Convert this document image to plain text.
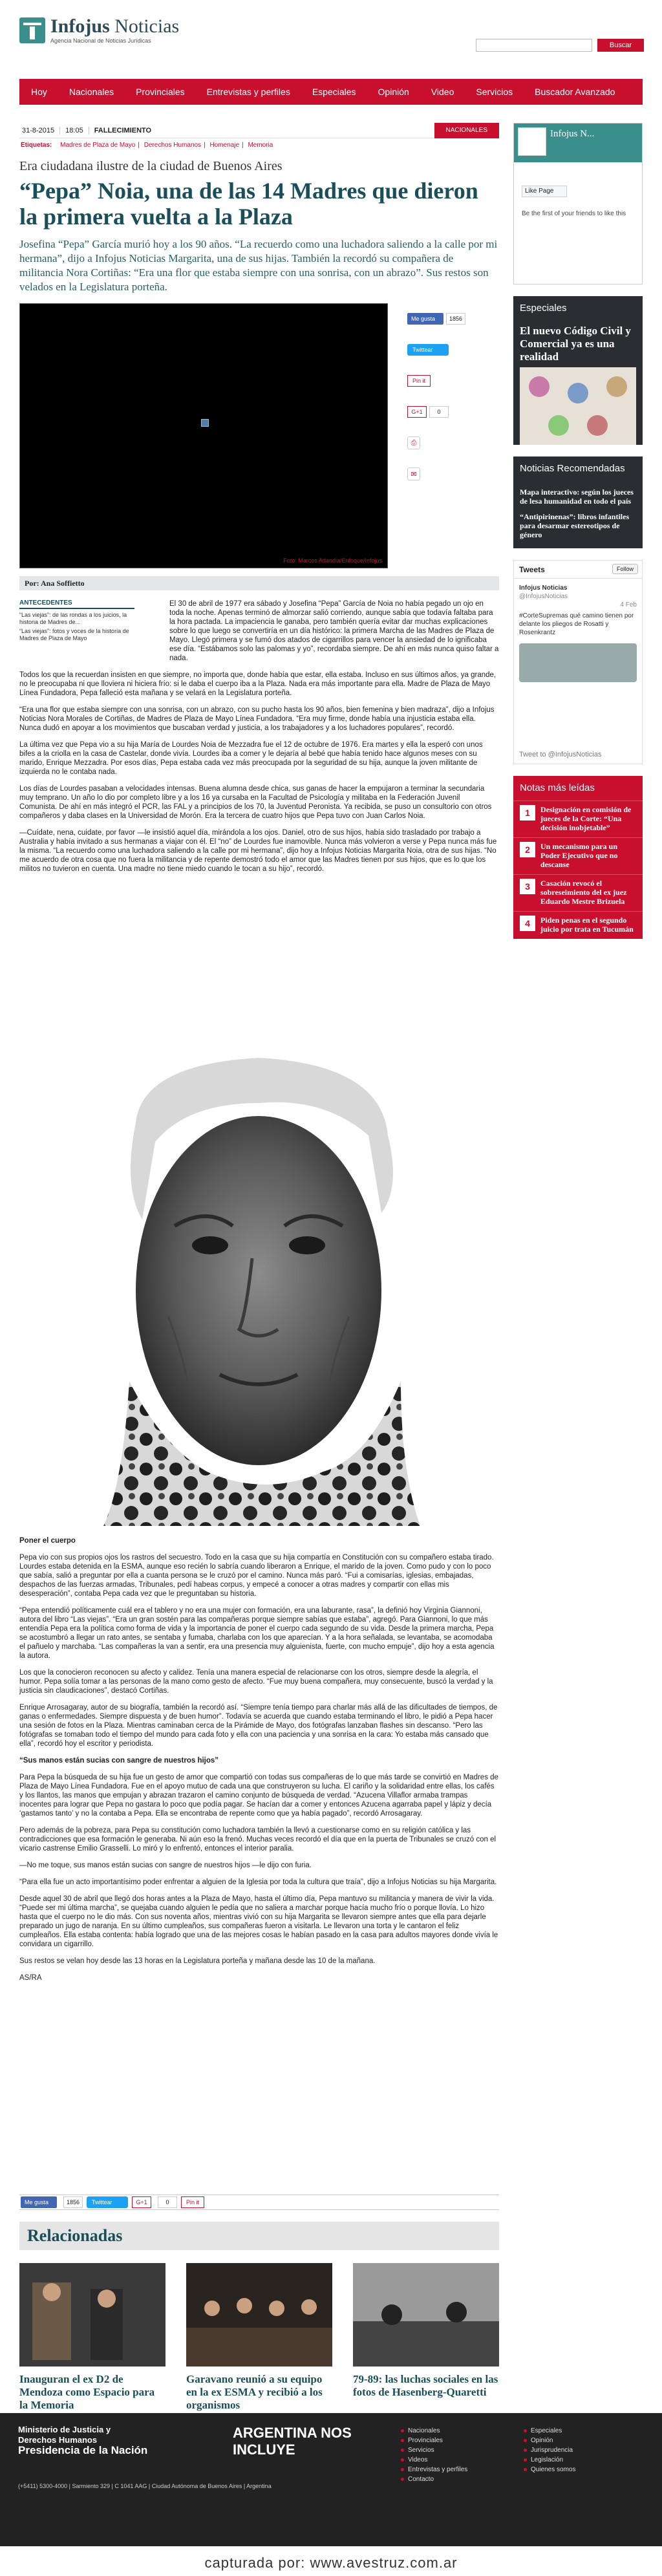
Infojus Noticias
Agencia Nacional de Noticias Jurídicas
Buscar
Hoy	Nacionales	Provinciales	Entrevistas y perfiles	Especiales	Opinión	Video	Servicios	Buscador Avanzado
31-8-2015	18:05	FALLECIMIENTO	NACIONALES
Etiquetas: Madres de Plaza de Mayo | Derechos Humanos | Homenaje | Memoria
Era ciudadana ilustre de la ciudad de Buenos Aires
“Pepa” Noia, una de las 14 Madres que dieron la primera vuelta a la Plaza
Josefina “Pepa” García murió hoy a los 90 años. “La recuerdo como una luchadora saliendo a la calle por mi hermana”, dijo a Infojus Noticias Margarita, una de sus hijas. También la recordó su compañera de militancia Nora Cortiñas: “Era una flor que estaba siempre con una sonrisa, con un abrazo”. Sus restos son velados en la Legislatura porteña.
Foto: Marcos Adandia/Enfoque/Infojus
Me gusta	1856
Twittear
Pin it
G+1	0
⎙
✉
Por: Ana Soffietto
ANTECEDENTES

“Las viejas”: de las rondas a los juicios, la historia de Madres de...

“Las viejas”: fotos y voces de la historia de Madres de Plaza de Mayo

El 30 de abril de 1977 era sábado y Josefina “Pepa” García de Noia no había pegado un ojo en toda la noche. Apenas terminó de almorzar salió corriendo, aunque sabía que todavía faltaba para la hora pactada. La impaciencia le ganaba, pero también quería evitar dar muchas explicaciones sobre lo que luego se convertiría en un día histórico: la primera Marcha de las Madres de Plaza de Mayo. Llegó primera y se fumó dos atados de cigarrillos para vencer la ansiedad de lo ignificaba ese día. “Estábamos solo las palomas y yo”, recordaba siempre. De ahí en más nunca quiso faltar a nada.

Todos los que la recuerdan insisten en que siempre, no importa que, donde había que estar, ella estaba. Incluso en sus últimos años, ya grande, no le preocupaba ni que lloviera ni hiciera frío: si le daba el cuerpo iba a la Plaza. Nada era más importante para ella. Madre de Plaza de Mayo Línea Fundadora, Pepa falleció esta mañana y se velará en la Legislatura porteña.

“Era una flor que estaba siempre con una sonrisa, con un abrazo, con su pucho hasta los 90 años, bien femenina y bien madraza”, dijo a Infojus Noticias Nora Morales de Cortiñas, de Madres de Plaza de Mayo Línea Fundadora. “Era muy firme, donde había una injusticia estaba ella. Nunca dudó en apoyar a los movimientos que buscaban verdad y justicia, a los trabajadores y a los luchadores populares”, recordó.

La última vez que Pepa vio a su hija María de Lourdes Noia de Mezzadra fue el 12 de octubre de 1976. Era martes y ella la esperó con unos bifes a la criolla en la casa de Castelar, donde vivía. Lourdes iba a comer y le dejaría al bebé que había tenido hace algunos meses con su marido, Enrique Mezzadra. Por esos días, Pepa estaba cada vez más preocupada por la seguridad de su hija, aunque la joven militante de izquierda no le contaba nada.

Los días de Lourdes pasaban a velocidades intensas. Buena alumna desde chica, sus ganas de hacer la empujaron a terminar la secundaria muy temprano. Un año lo dio por completo libre y a los 16 ya cursaba en la Facultad de Psicología y militaba en la Federación Juvenil Comunista. De ahí en más integró el PCR, las FAL y a principios de los 70, la Juventud Peronista. Ya recibida, se puso un consultorio con otros compañeros y daba clases en la Universidad de Morón. Era la tercera de cuatro hijos que Pepa tuvo con Juan Carlos Noia.

—Cuídate, nena, cuidate, por favor —le insistió aquel día, mirándola a los ojos. Daniel, otro de sus hijos, había sido trasladado por trabajo a Australia y había invitado a sus hermanas a viajar con él. El “no” de Lourdes fue inamovible. Nunca más volvieron a verse y Pepa nunca más fue la misma. “La recuerdo como una luchadora saliendo a la calle por mi hermana”, dijo hoy a Infojus Noticias Margarita Noia, otra de sus hijas. “No me acuerdo de otra cosa que no fuera la militancia y de repente demostró todo el amor que las Madres tienen por sus hijos, que es lo que los militos no tuvieron en cuenta. Una madre no tiene miedo cuando le tocan a su hijo”, recordó.

Poner el cuerpo

Pepa vio con sus propios ojos los rastros del secuestro. Todo en la casa que su hija compartía en Constitución con su compañero estaba tirado. Lourdes estaba detenida en la ESMA, aunque eso recién lo sabría cuando liberaron a Enrique, el marido de la joven. Como pudo y con lo poco que sabía, salió a preguntar por ella a cuanta persona se le cruzó por el camino. Nunca más paró. “Fui a comisarías, iglesias, embajadas, despachos de las fuerzas armadas, Tribunales, pedí habeas corpus, y empecé a conocer a otras madres y compartir con ellas mis desesperación”, contaba Pepa cada vez que le preguntaban su historia.

“Pepa entendió políticamente cuál era el tablero y no era una mujer con formación, era una laburante, rasa”, la definió hoy Virginia Giannoni, autora del libro “Las viejas”. “Era un gran sostén para las compañeras porque siempre sabías que estaba”, agregó. Para Giannoni, lo que más entendía Pepa era la política como forma de vida y la importancia de poner el cuerpo cada segundo de su vida. Desde la primera marcha, Pepa se acostumbró a llegar un rato antes, se sentaba y fumaba, charlaba con los que aparecían. Y a la hora señalada, se levantaba, se acomodaba el pañuelo y marchaba. “Las compañeras la van a sentir, era una presencia muy alguienista, fuerte, con mucho empuje”, dijo hoy a esta agencia la autora.

Los que la conocieron reconocen su afecto y calidez. Tenía una manera especial de relacionarse con los otros, siempre desde la alegría, el humor. Pepa solía tomar a las personas de la mano como gesto de afecto. “Fue muy buena compañera, muy consecuente, buscó la verdad y la justicia sin claudicaciones”, destacó Cortiñas.

Enrique Arrosagaray, autor de su biografía, también la recordó así. “Siempre tenía tiempo para charlar más allá de las dificultades de tiempos, de ganas o enfermedades. Siempre dispuesta y de buen humor”. Todavía se acuerda que cuando estaba terminando el libro, le pidió a Pepa hacer una sesión de fotos en la Plaza. Mientras caminaban cerca de la Pirámide de Mayo, dos fotógrafas lanzaban flashes sin descanso. “Pero las fotógrafas se tomaban todo el tiempo del mundo para cada foto y ella con una paciencia y una sonrisa en la cara: Yo estaba más cansado que ella”, recordó hoy el escritor y periodista.

“Sus manos están sucias con sangre de nuestros hijos”

Para Pepa la búsqueda de su hija fue un gesto de amor que compartió con todas sus compañeras de lo que más tarde se convirtió en Madres de Plaza de Mayo Línea Fundadora. Fue en el apoyo mutuo de cada una que construyeron su lucha. El cariño y la solidaridad entre ellas, los cafés y los llantos, las manos que empujan y abrazan trazaron el camino conjunto de búsqueda de verdad. “Azucena Villaflor armaba trampas inocentes para lograr que Pepa no gastara lo poco que podía pagar. Se hacían dar a comer y entonces Azucena agarraba papel y lápiz y decía ‘gastamos tanto’ y no la contaba a Pepa. Ella se encontraba de repente como que ya había pagado”, recordó Arrosagaray.

Pero además de la pobreza, para Pepa su constitución como luchadora también la llevó a cuestionarse como en su religión católica y las contradicciones que esa formación le generaba. Ni aún eso la frenó. Muchas veces recordó el día que en la puerta de Tribunales se cruzó con el vicario castrense Emilio Grasselli. Lo miró y lo enfrentó, entonces el interior paralia.

—No me toque, sus manos están sucias con sangre de nuestros hijos —le dijo con furia.

“Para ella fue un acto importantísimo poder enfrentar a alguien de la Iglesia por toda la cultura que traía”, dijo a Infojus Noticias su hija Margarita.

Desde aquel 30 de abril que llegó dos horas antes a la Plaza de Mayo, hasta el último día, Pepa mantuvo su militancia y manera de vivir la vida. “Puede ser mi última marcha”, se quejaba cuando alguien le pedía que no saliera a marchar porque hacía mucho frío o porque llovía. Lo hizo hasta que el cuerpo no le dio más. Con sus noventa años, mientras vivió con su hija Margarita se llevaron siempre antes que ella para dejarle preparado un jugo de naranja. En su último cumpleaños, sus compañeras fueron a visitarla. Le llevaron una torta y le cantaron el feliz cumpleaños. Ella estaba contenta: había logrado que una de las mejores cosas le habían pasado en la casa para adultos mayores donde vivía le convidara un cigarrillo.

Sus restos se velan hoy desde las 13 horas en la Legislatura porteña y mañana desde las 10 de la mañana.

AS/RA

Me gusta	1856	Twittear	G+1	0	Pin it
Relacionadas
Inauguran el ex D2 de Mendoza como Espacio para la Memoria
Garavano reunió a su equipo en la ex ESMA y recibió a los organismos
79-89: las luchas sociales en las fotos de Hasenberg-Quaretti
Infojus N...
Like Page
Be the first of your friends to like this
Especiales
El nuevo Código Civil y Comercial ya es una realidad
Noticias Recomendadas
Mapa interactivo: según los jueces de lesa humanidad en todo el país
“Antipirinenas”: libros infantiles para desarmar estereotipos de género
Tweets	Follow
Infojus Noticias
@InfojusNoticias
4 Feb
#CorteSupremas qué camino tienen por delante los pliegos de Rosatti y Rosenkrantz
Tweet to @InfojusNoticias
Notas más leídas
1	Designación en comisión de jueces de la Corte: “Una decisión inobjetable”
2	Un mecanismo para un Poder Ejecutivo que no descanse
3	Casación revocó el sobreseimiento del ex juez Eduardo Mestre Brizuela
4	Piden penas en el segundo juicio por trata en Tucumán
Ministerio de Justicia y Derechos Humanos
Presidencia de la Nación
(+5411) 5300-4000 | Sarmiento 329 | C 1041 AAG | Ciudad Autónoma de Buenos Aires | Argentina
ARGENTINA NOS INCLUYE
Nacionales
Provinciales
Servicios
Videos
Entrevistas y perfiles
Contacto
Especiales
Opinión
Jurisprudencia
Legislación
Quienes somos
capturada por: www.avestruz.com.ar
